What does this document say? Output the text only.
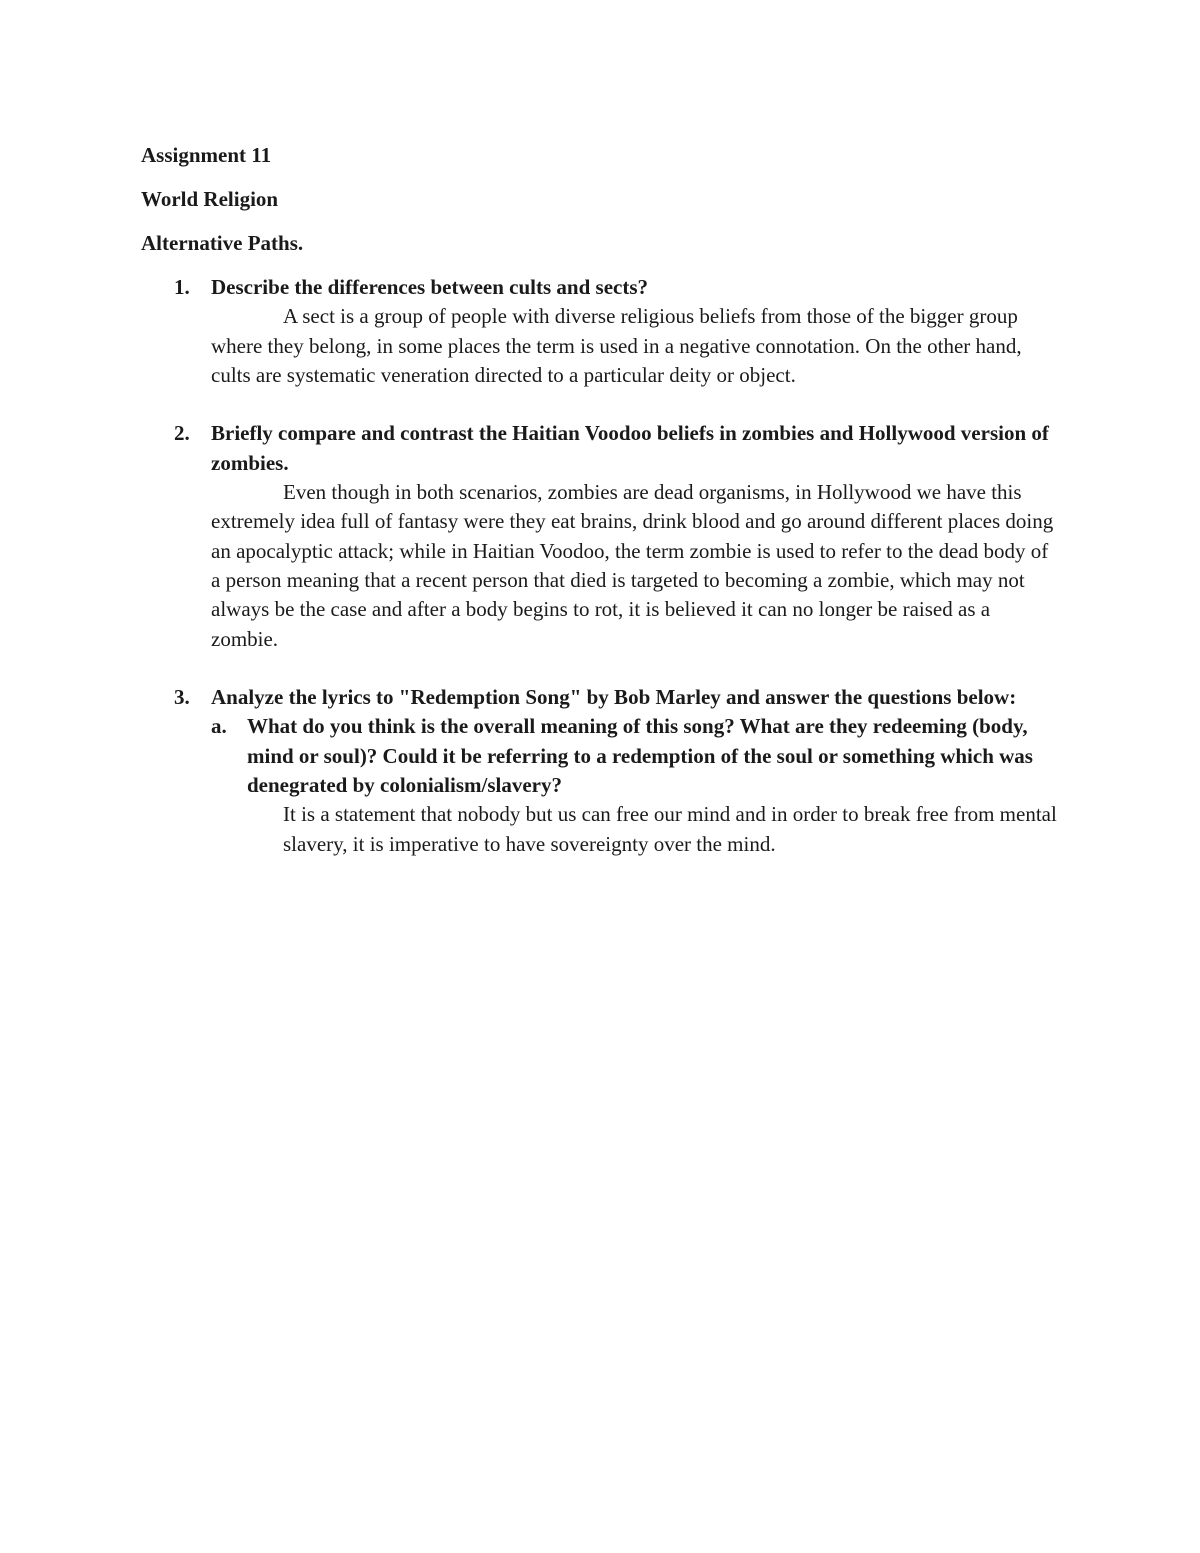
Assignment 11
World Religion
Alternative Paths.
1. Describe the differences between cults and sects?
A sect is a group of people with diverse religious beliefs from those of the bigger group where they belong, in some places the term is used in a negative connotation. On the other hand, cults are systematic veneration directed to a particular deity or object.
2. Briefly compare and contrast the Haitian Voodoo beliefs in zombies and Hollywood version of zombies.
Even though in both scenarios, zombies are dead organisms, in Hollywood we have this extremely idea full of fantasy were they eat brains, drink blood and go around different places doing an apocalyptic attack; while in Haitian Voodoo, the term zombie is used to refer to the dead body of a person meaning that a recent person that died is targeted to becoming a zombie, which may not always be the case and after a body begins to rot, it is believed it can no longer be raised as a zombie.
3. Analyze the lyrics to "Redemption Song" by Bob Marley and answer the questions below:
a. What do you think is the overall meaning of this song? What are they redeeming (body, mind or soul)? Could it be referring to a redemption of the soul or something which was denegrated by colonialism/slavery?
It is a statement that nobody but us can free our mind and in order to break free from mental slavery, it is imperative to have sovereignty over the mind.
